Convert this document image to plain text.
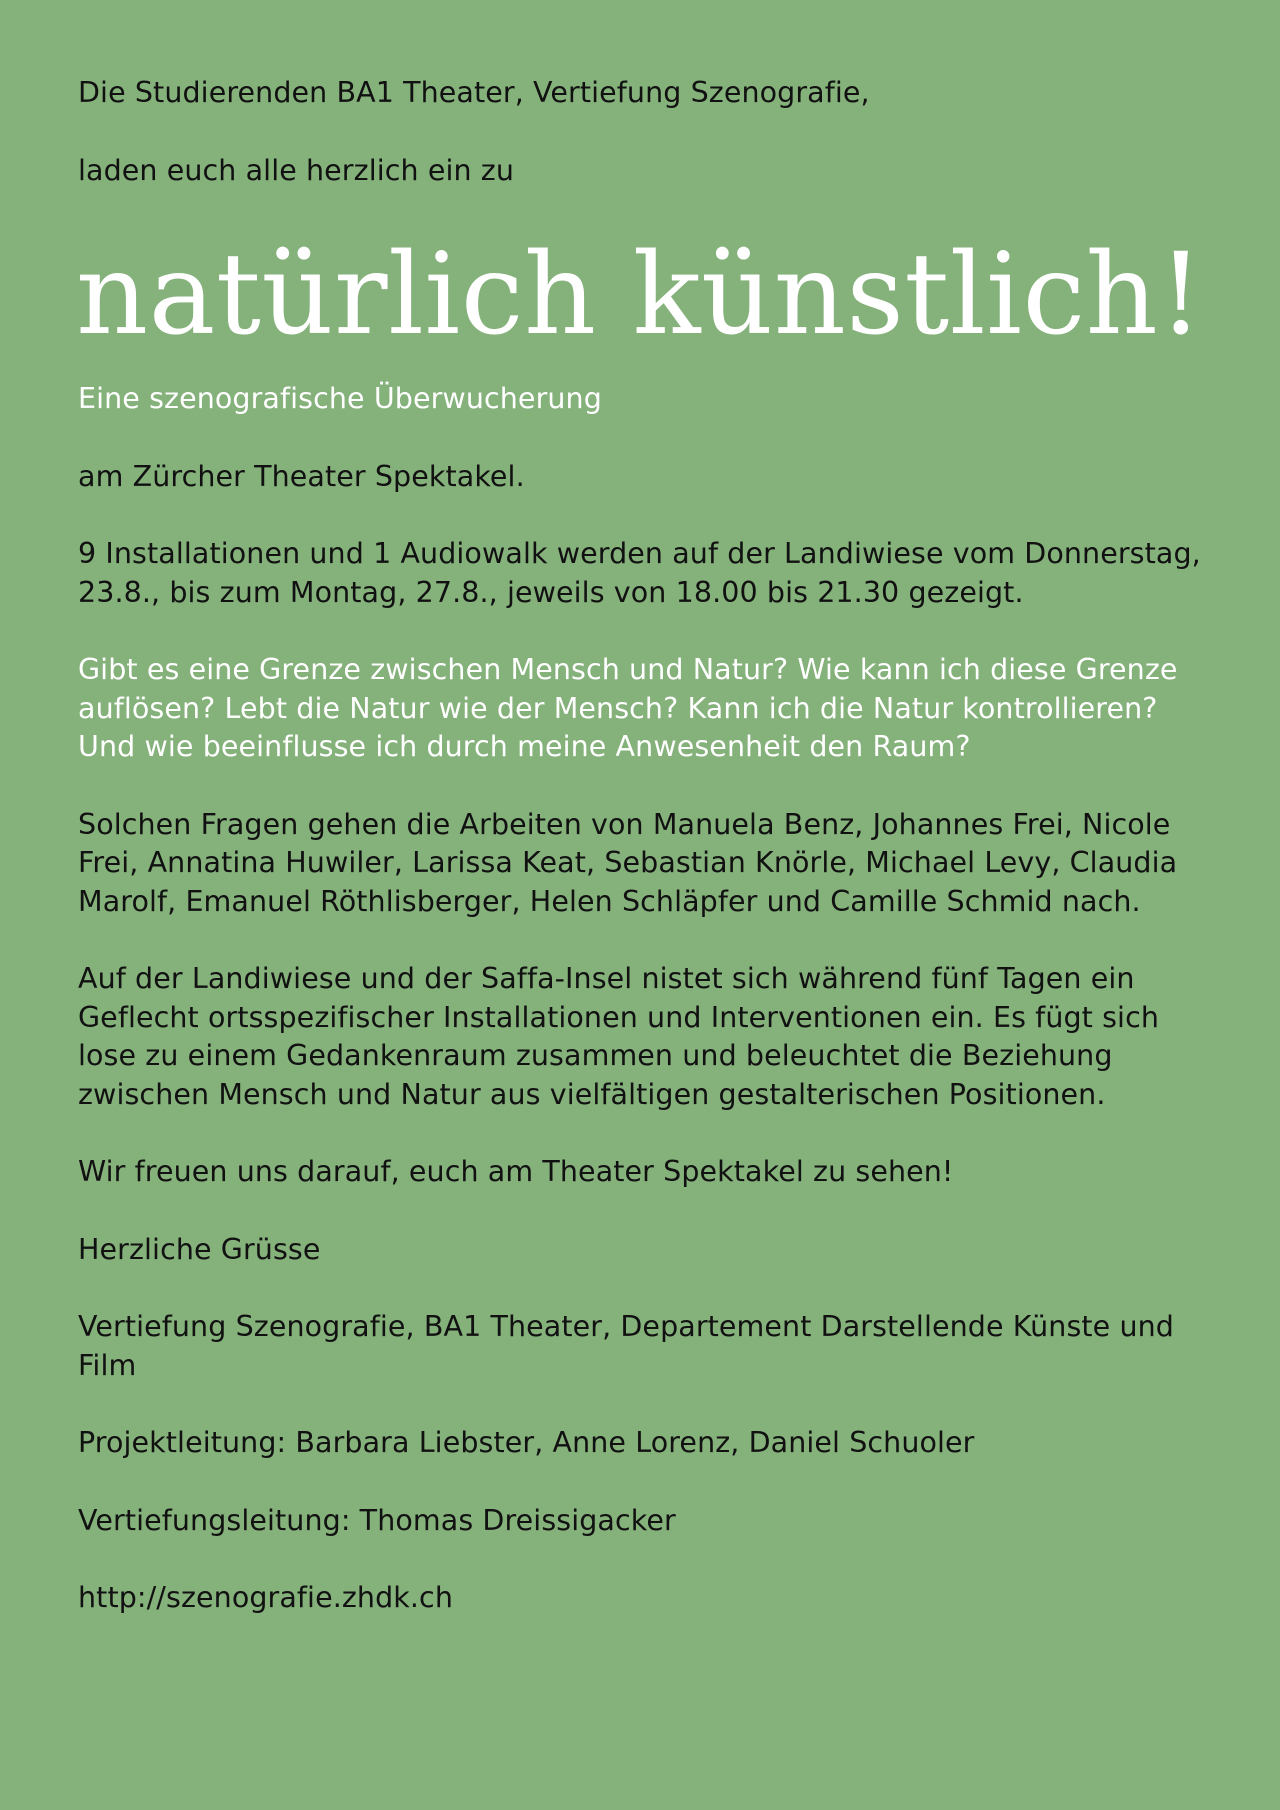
Die Studierenden BA1 Theater, Vertiefung Szenografie,

laden euch alle herzlich ein zu

natürlich künstlich!

Eine szenografische Überwucherung

am Zürcher Theater Spektakel.

9 Installationen und 1 Audiowalk werden auf der Landiwiese vom Donnerstag, 23.8., bis zum Montag, 27.8., jeweils von 18.00 bis 21.30 gezeigt.

Gibt es eine Grenze zwischen Mensch und Natur? Wie kann ich diese Grenze auflösen? Lebt die Natur wie der Mensch? Kann ich die Natur kontrollieren? Und wie beeinflusse ich durch meine Anwesenheit den Raum?

Solchen Fragen gehen die Arbeiten von Manuela Benz, Johannes Frei, Nicole Frei, Annatina Huwiler, Larissa Keat, Sebastian Knörle, Michael Levy, Claudia Marolf, Emanuel Röthlisberger, Helen Schläpfer und Camille Schmid nach.

Auf der Landiwiese und der Saffa-Insel nistet sich während fünf Tagen ein Geflecht ortsspezifischer Installationen und Interventionen ein. Es fügt sich lose zu einem Gedankenraum zusammen und beleuchtet die Beziehung zwischen Mensch und Natur aus vielfältigen gestalterischen Positionen.

Wir freuen uns darauf, euch am Theater Spektakel zu sehen!

Herzliche Grüsse

Vertiefung Szenografie, BA1 Theater, Departement Darstellende Künste und Film

Projektleitung: Barbara Liebster, Anne Lorenz, Daniel Schuoler

Vertiefungsleitung: Thomas Dreissigacker

http://szenografie.zhdk.ch
